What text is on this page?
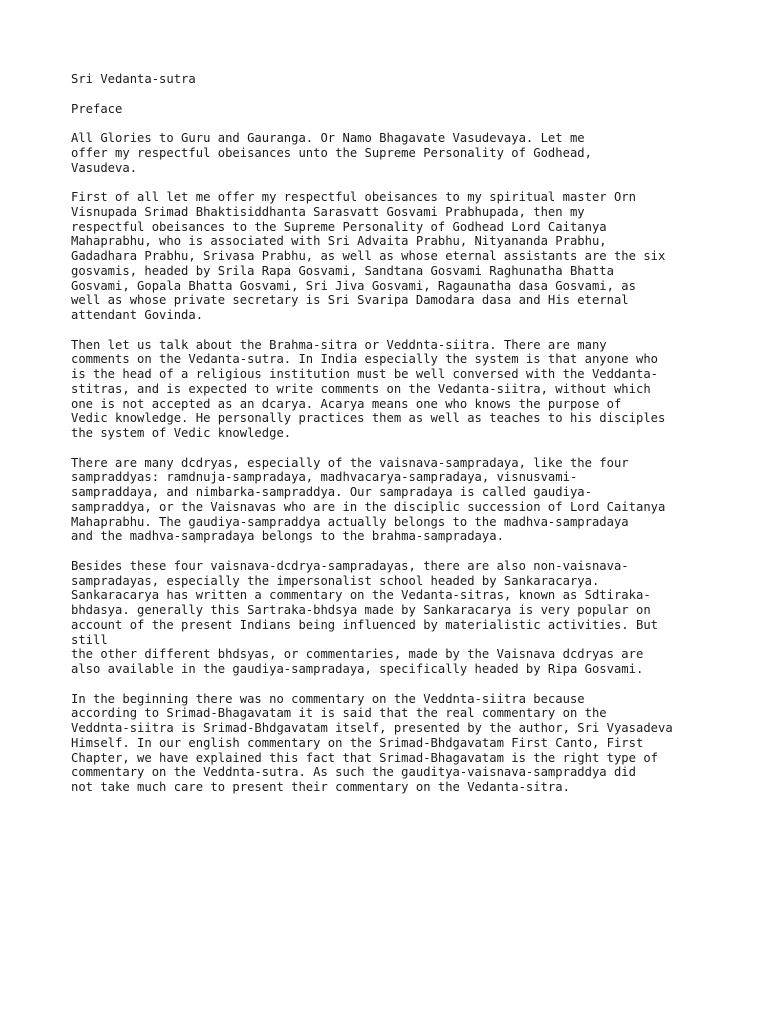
Sri Vedanta-sutra
Preface
All Glories to Guru and Gauranga. Or Namo Bhagavate Vasudevaya. Let me
offer my respectful obeisances unto the Supreme Personality of Godhead,
Vasudeva.
First of all let me offer my respectful obeisances to my spiritual master Orn
Visnupada Srimad Bhaktisiddhanta Sarasvatt Gosvami Prabhupada, then my
respectful obeisances to the Supreme Personality of Godhead Lord Caitanya
Mahaprabhu, who is associated with Sri Advaita Prabhu, Nityananda Prabhu,
Gadadhara Prabhu, Srivasa Prabhu, as well as whose eternal assistants are the six
gosvamis, headed by Srila Rapa Gosvami, Sandtana Gosvami Raghunatha Bhatta
Gosvami, Gopala Bhatta Gosvami, Sri Jiva Gosvami, Ragaunatha dasa Gosvami, as
well as whose private secretary is Sri Svaripa Damodara dasa and His eternal
attendant Govinda.
Then let us talk about the Brahma-sitra or Veddnta-siitra. There are many
comments on the Vedanta-sutra. In India especially the system is that anyone who
is the head of a religious institution must be well conversed with the Veddanta-
stitras, and is expected to write comments on the Vedanta-siitra, without which
one is not accepted as an dcarya. Acarya means one who knows the purpose of
Vedic knowledge. He personally practices them as well as teaches to his disciples
the system of Vedic knowledge.
There are many dcdryas, especially of the vaisnava-sampradaya, like the four
sampraddyas: ramdnuja-sampradaya, madhvacarya-sampradaya, visnusvami-
sampraddaya, and nimbarka-sampraddya. Our sampradaya is called gaudiya-
sampraddya, or the Vaisnavas who are in the disciplic succession of Lord Caitanya
Mahaprabhu. The gaudiya-sampraddya actually belongs to the madhva-sampradaya
and the madhva-sampradaya belongs to the brahma-sampradaya.
Besides these four vaisnava-dcdrya-sampradayas, there are also non-vaisnava-
sampradayas, especially the impersonalist school headed by Sankaracarya.
Sankaracarya has written a commentary on the Vedanta-sitras, known as Sdtiraka-
bhdasya. generally this Sartraka-bhdsya made by Sankaracarya is very popular on
account of the present Indians being influenced by materialistic activities. But
still
the other different bhdsyas, or commentaries, made by the Vaisnava dcdryas are
also available in the gaudiya-sampradaya, specifically headed by Ripa Gosvami.
In the beginning there was no commentary on the Veddnta-siitra because
according to Srimad-Bhagavatam it is said that the real commentary on the
Veddnta-siitra is Srimad-Bhdgavatam itself, presented by the author, Sri Vyasadeva
Himself. In our english commentary on the Srimad-Bhdgavatam First Canto, First
Chapter, we have explained this fact that Srimad-Bhagavatam is the right type of
commentary on the Veddnta-sutra. As such the gauditya-vaisnava-sampraddya did
not take much care to present their commentary on the Vedanta-sitra.
